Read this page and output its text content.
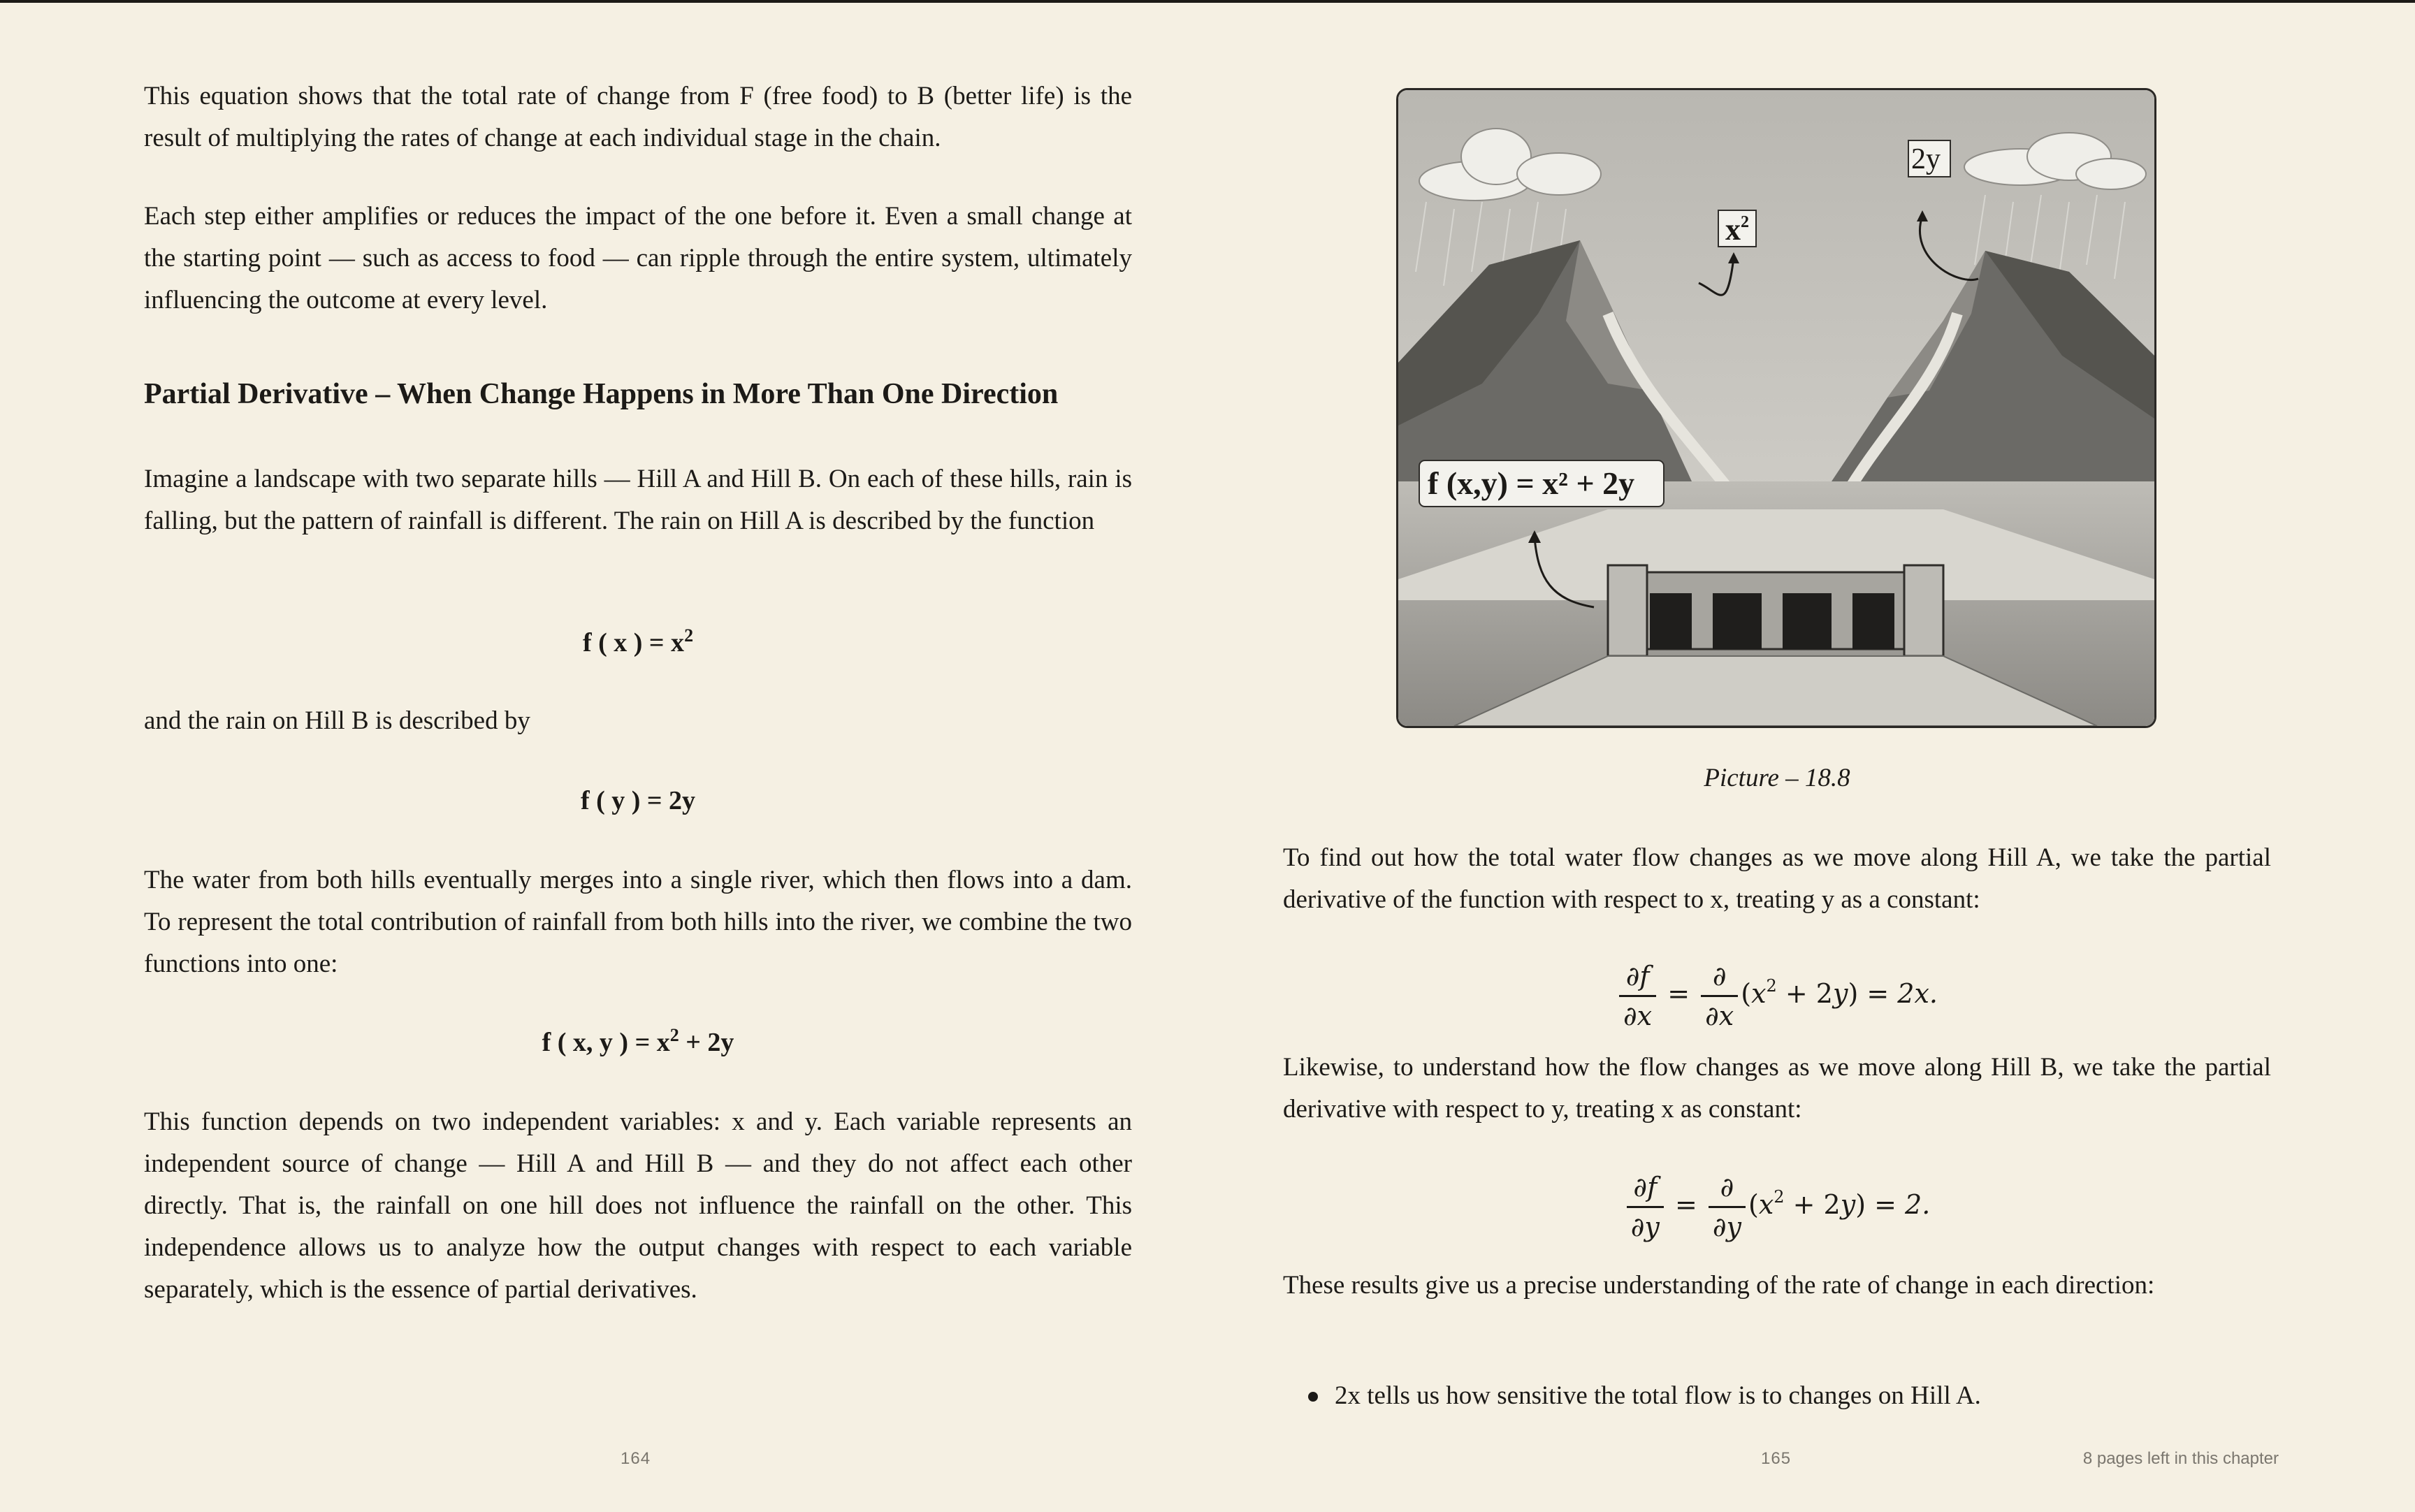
This equation shows that the total rate of change from F (free food) to B (better life) is the result of multiplying the rates of change at each individual stage in the chain.

Each step either amplifies or reduces the impact of the one before it. Even a small change at the starting point — such as access to food — can ripple through the entire system, ultimately influencing the outcome at every level.

Partial Derivative – When Change Happens in More Than One Direction

Imagine a landscape with two separate hills — Hill A and Hill B. On each of these hills, rain is falling, but the pattern of rainfall is different. The rain on Hill A is described by the function

f ( x ) = $x^2$

and the rain on Hill B is described by

f ( y ) = 2y

The water from both hills eventually merges into a single river, which then flows into a dam. To represent the total contribution of rainfall from both hills into the river, we combine the two functions into one:

f ( x, y ) = $x^2 + 2y$

This function depends on two independent variables: x and y. Each variable represents an independent source of change — Hill A and Hill B — and they do not affect each other directly. That is, the rainfall on one hill does not influence the rainfall on the other. This independence allows us to analyze how the output changes with respect to each variable separately, which is the essence of partial derivatives.

164
$x^2$
2y
f (x,y) = x² + 2y
Picture – 18.8

To find out how the total water flow changes as we move along Hill A, we take the partial derivative of the function with respect to x, treating y as a constant:

$\frac{\partial f}{\partial x} = \frac{\partial}{\partial x} (x^2 + 2y) = 2x$.

Likewise, to understand how the flow changes as we move along Hill B, we take the partial derivative with respect to y, treating x as constant:

$\frac{\partial f}{\partial y} = \frac{\partial}{\partial y} (x^2 + 2y) = 2$.

These results give us a precise understanding of the rate of change in each direction:

2x tells us how sensitive the total flow is to changes on Hill A.
165	8 pages left in this chapter
